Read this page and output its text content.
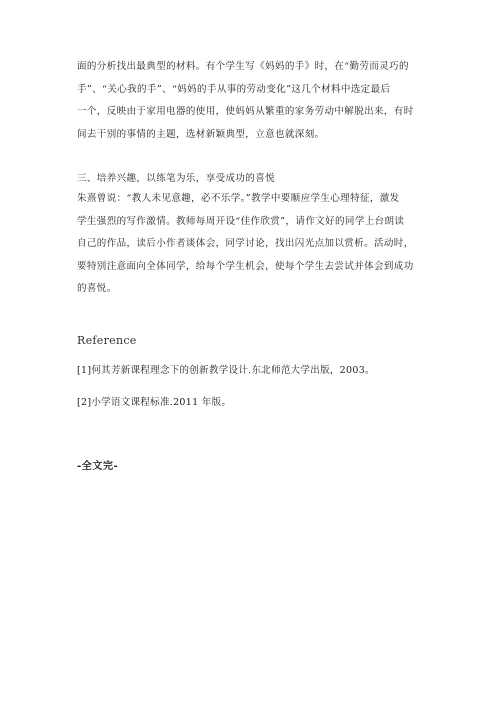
面的分析找出最典型的材料。有个学生写《妈妈的手》时，在“勤劳而灵巧的
手”、“关心我的手”、“妈妈的手从事的劳动变化”这几个材料中选定最后
一个，反映由于家用电器的使用，使妈妈从繁重的家务劳动中解脱出来，有时
间去干别的事情的主题，选材新颖典型，立意也就深刻。

三、培养兴趣，以练笔为乐，享受成功的喜悦

朱熹曾说：“教人未见意趣，必不乐学。”教学中要顺应学生心理特征，激发
学生强烈的写作激情。教师每周开设“佳作欣赏”，请作文好的同学上台朗读
自己的作品，读后小作者谈体会，同学讨论，找出闪光点加以赏析。活动时，
要特别注意面向全体同学，给每个学生机会，使每个学生去尝试并体会到成功
的喜悦。

Reference
[1]何其芳新课程理念下的创新教学设计.东北师范大学出版，2003。
[2]小学语文课程标准.2011 年版。
-全文完-
